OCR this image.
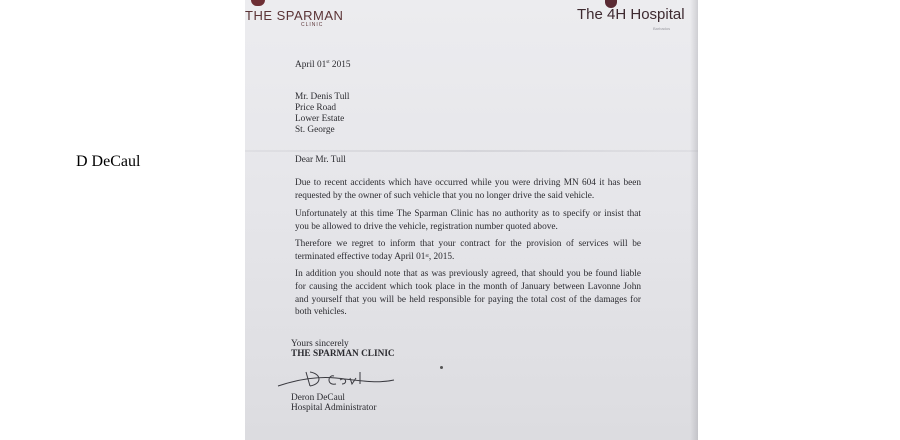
THE SPARMAN
CLINIC
The 4H Hospital
Barbados
April 01st 2015
Mr. Denis Tull
Price Road
Lower Estate
St. George
Dear Mr. Tull
Due to recent accidents which have occurred while you were driving MN 604 it has been requested by the owner of such vehicle that you no longer drive the said vehicle.
Unfortunately at this time The Sparman Clinic has no authority as to specify or insist that you be allowed to drive the vehicle, registration number quoted above.
Therefore we regret to inform that your contract for the provision of services will be terminated effective today April 01st, 2015.
In addition you should note that as was previously agreed, that should you be found liable for causing the accident which took place in the month of January between Lavonne John and yourself that you will be held responsible for paying the total cost of the damages for both vehicles.
Yours sincerely
THE SPARMAN CLINIC
D DeCaul
Deron DeCaul
Hospital Administrator
